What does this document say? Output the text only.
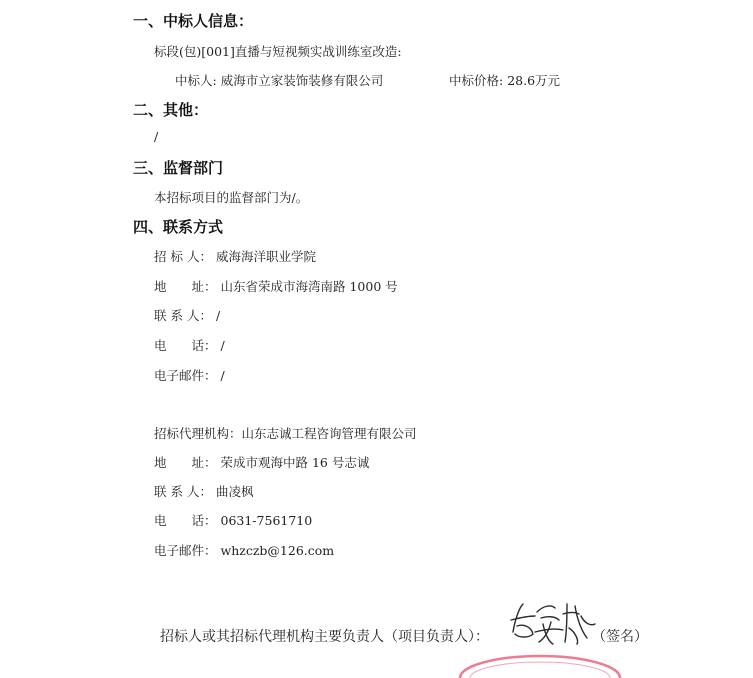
一、中标人信息：
标段(包)[001]直播与短视频实战训练室改造:
中标人: 威海市立家装饰装修有限公司	中标价格: 28.6万元
二、其他：
/
三、监督部门
本招标项目的监督部门为/。
四、联系方式
招 标 人： 威海海洋职业学院
地　　址： 山东省荣成市海湾南路 1000 号
联 系 人： /
电　　话： /
电子邮件： /
招标代理机构：山东志诚工程咨询管理有限公司
地　　址： 荣成市观海中路 16 号志诚
联 系 人： 曲凌枫
电　　话： 0631-7561710
电子邮件： whzczb@126.com
招标人或其招标代理机构主要负责人（项目负责人）：	（签名）
